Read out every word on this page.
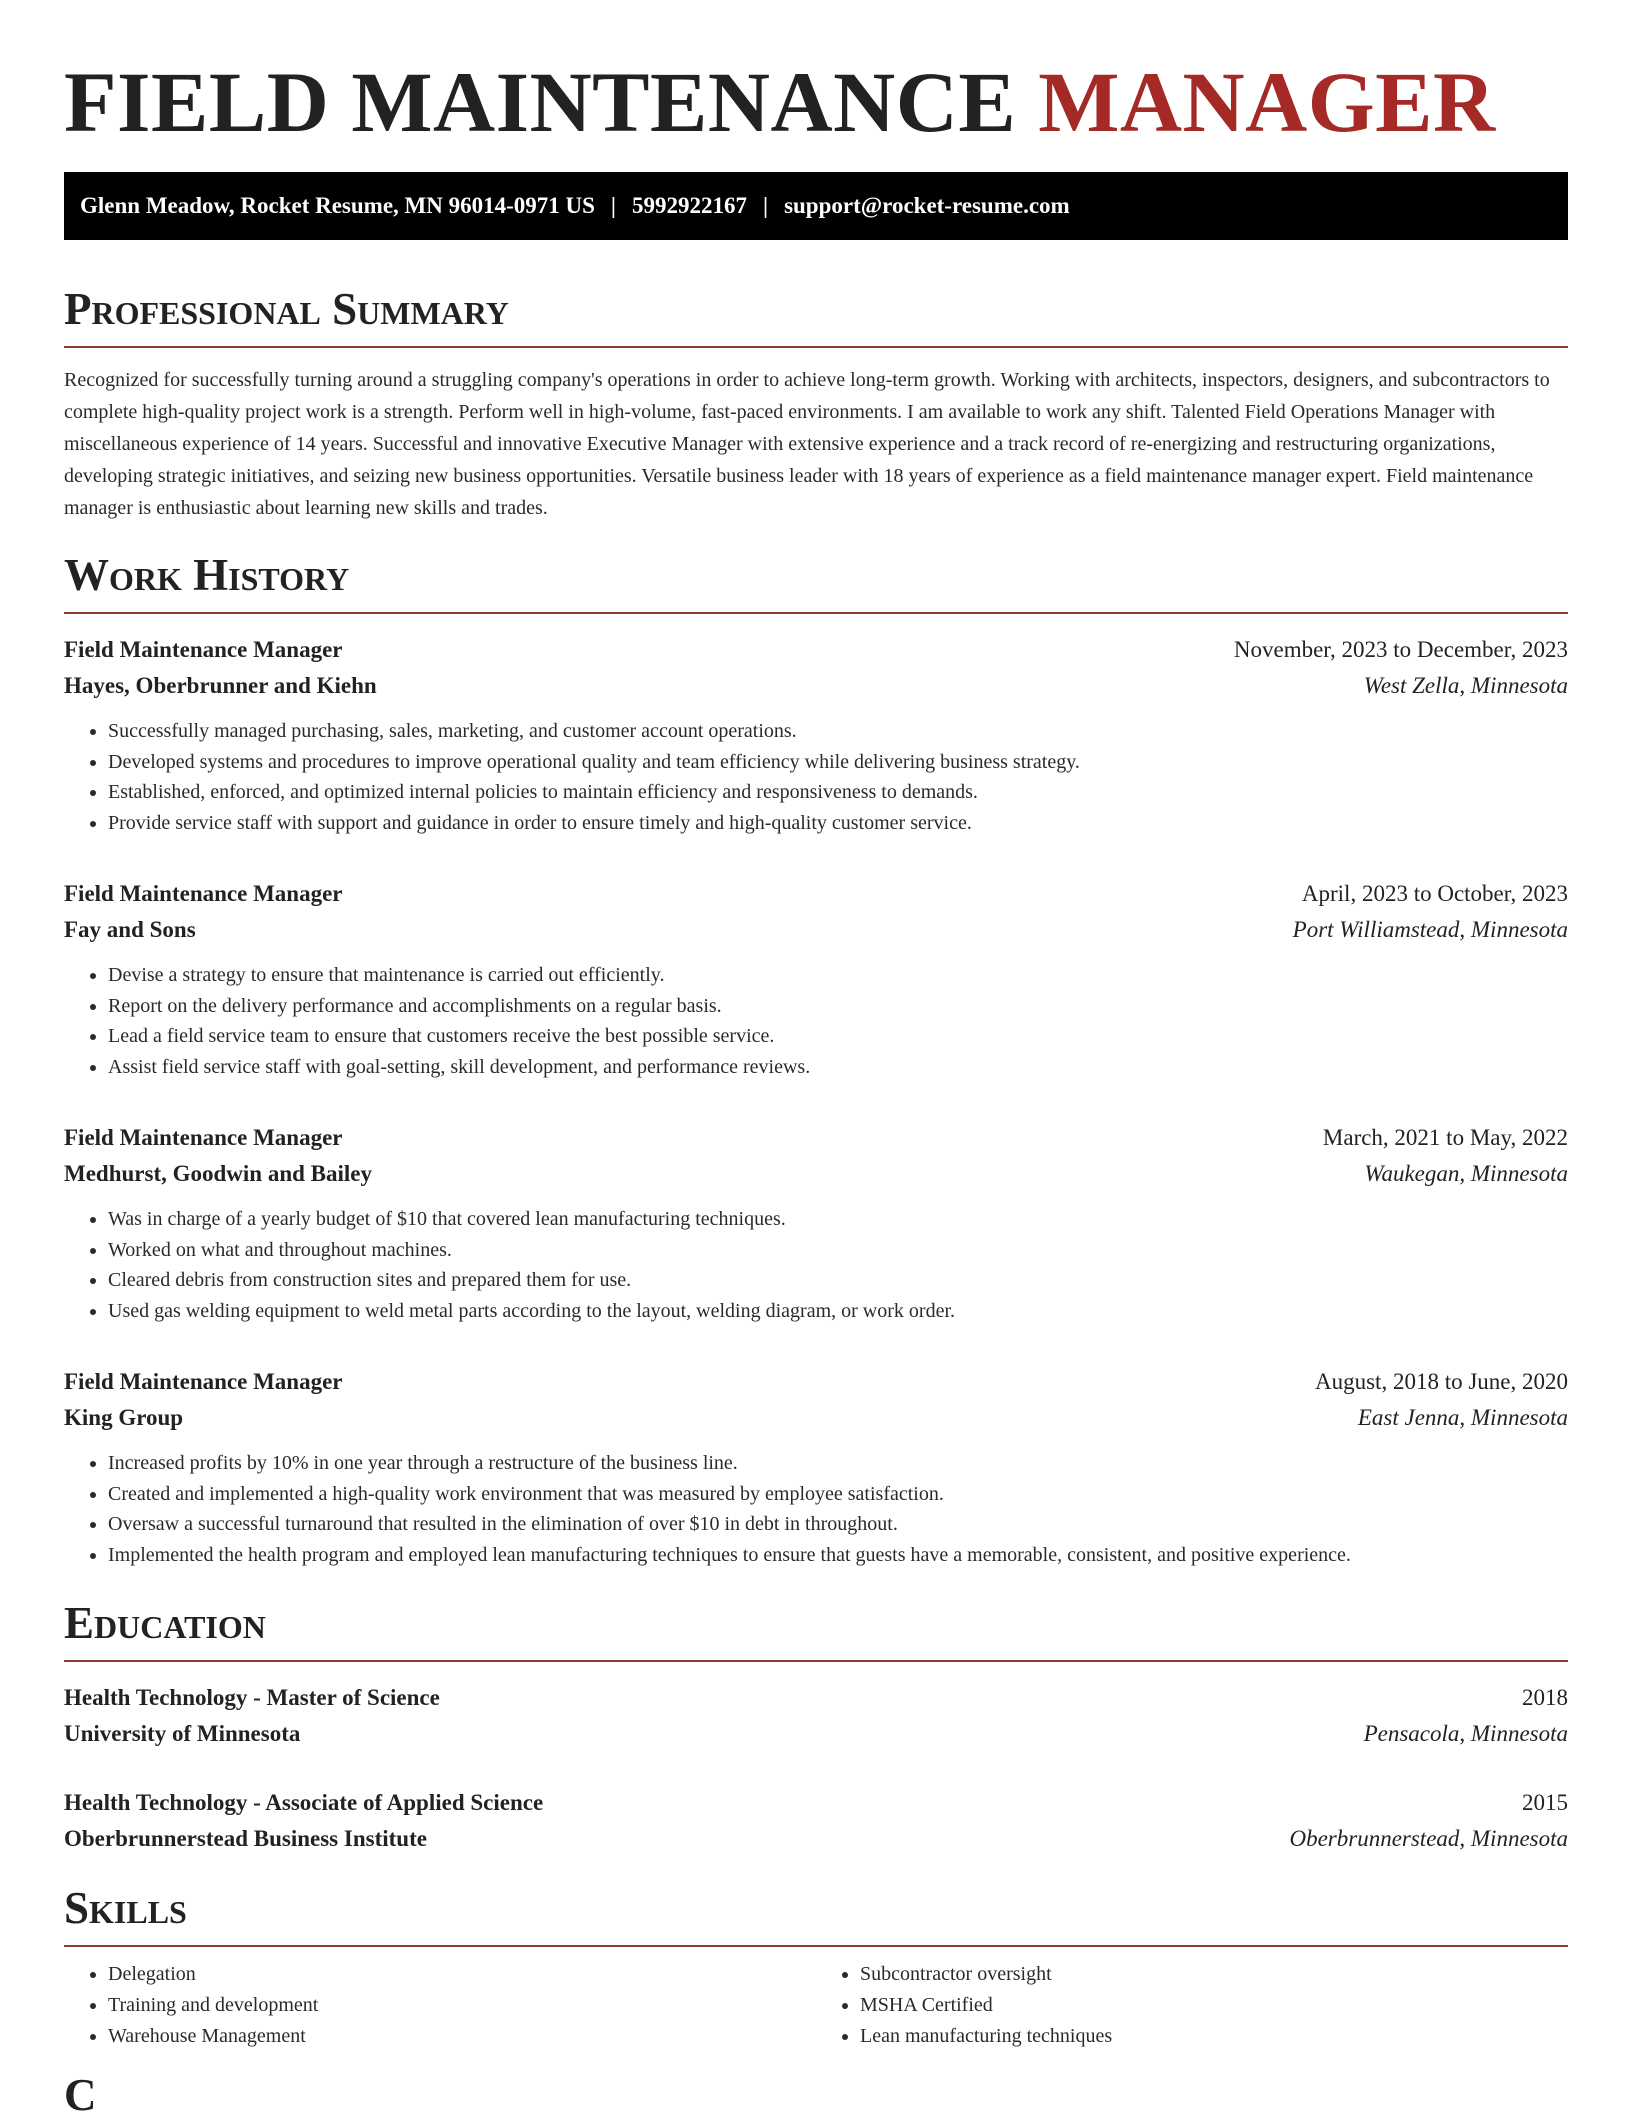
FIELD MAINTENANCE MANAGER
Glenn Meadow, Rocket Resume, MN 96014-0971 US | 5992922167 | support@rocket-resume.com
Professional Summary

Recognized for successfully turning around a struggling company's operations in order to achieve long-term growth. Working with architects, inspectors, designers, and subcontractors to complete high-quality project work is a strength. Perform well in high-volume, fast-paced environments. I am available to work any shift. Talented Field Operations Manager with miscellaneous experience of 14 years. Successful and innovative Executive Manager with extensive experience and a track record of re-energizing and restructuring organizations, developing strategic initiatives, and seizing new business opportunities. Versatile business leader with 18 years of experience as a field maintenance manager expert. Field maintenance manager is enthusiastic about learning new skills and trades.

Work History
Field Maintenance Manager	November, 2023 to December, 2023
Hayes, Oberbrunner and Kiehn	West Zella, Minnesota
• Successfully managed purchasing, sales, marketing, and customer account operations.
• Developed systems and procedures to improve operational quality and team efficiency while delivering business strategy.
• Established, enforced, and optimized internal policies to maintain efficiency and responsiveness to demands.
• Provide service staff with support and guidance in order to ensure timely and high-quality customer service.
Field Maintenance Manager	April, 2023 to October, 2023
Fay and Sons	Port Williamstead, Minnesota
• Devise a strategy to ensure that maintenance is carried out efficiently.
• Report on the delivery performance and accomplishments on a regular basis.
• Lead a field service team to ensure that customers receive the best possible service.
• Assist field service staff with goal-setting, skill development, and performance reviews.
Field Maintenance Manager	March, 2021 to May, 2022
Medhurst, Goodwin and Bailey	Waukegan, Minnesota
• Was in charge of a yearly budget of $10 that covered lean manufacturing techniques.
• Worked on what and throughout machines.
• Cleared debris from construction sites and prepared them for use.
• Used gas welding equipment to weld metal parts according to the layout, welding diagram, or work order.
Field Maintenance Manager	August, 2018 to June, 2020
King Group	East Jenna, Minnesota
• Increased profits by 10% in one year through a restructure of the business line.
• Created and implemented a high-quality work environment that was measured by employee satisfaction.
• Oversaw a successful turnaround that resulted in the elimination of over $10 in debt in throughout.
• Implemented the health program and employed lean manufacturing techniques to ensure that guests have a memorable, consistent, and positive experience.
Education
Health Technology - Master of Science	2018
University of Minnesota	Pensacola, Minnesota
Health Technology - Associate of Applied Science	2015
Oberbrunnerstead Business Institute	Oberbrunnerstead, Minnesota
Skills
• Delegation
• Training and development
• Warehouse Management
• Subcontractor oversight
• MSHA Certified
• Lean manufacturing techniques
C
